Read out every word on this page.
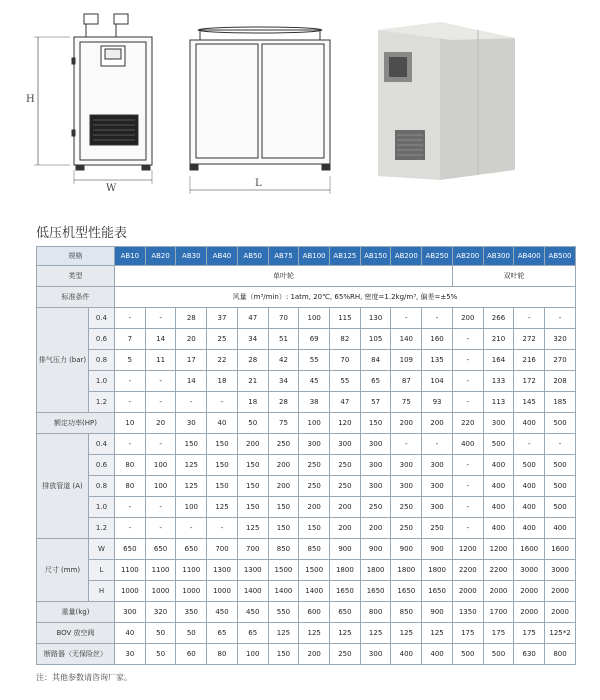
H
W	L
低压机型性能表
规格		AB10	AB20	AB30	AB40	AB50	AB75	AB100	AB125	AB150	AB200	AB250	AB200	AB300	AB400	AB500
类型		单叶轮											双叶轮			
标准条件		风量（m³/min）: 1atm, 20℃, 65%RH, 密度=1.2kg/m³, 偏差=±5%														
排气压力 (bar)	0.4	-	-	28	37	47	70	100	115	130	-	-	200	266	-	-
	0.6	7	14	20	25	34	51	69	82	105	140	160	-	210	272	320
	0.8	5	11	17	22	28	42	55	70	84	109	135	-	164	216	270
	1.0	-	-	14	18	21	34	45	55	65	87	104	-	133	172	208
	1.2	-	-	-	-	18	28	38	47	57	75	93	-	113	145	185
额定功率(HP)		10	20	30	40	50	75	100	120	150	200	200	220	300	400	500
排放管道 (A)	0.4	-	-	150	150	200	250	300	300	300	-	-	400	500	-	-
	0.6	80	100	125	150	150	200	250	250	300	300	300	-	400	500	500
	0.8	80	100	125	150	150	200	250	250	300	300	300	-	400	400	500
	1.0	-	-	100	125	150	150	200	200	250	250	300	-	400	400	500
	1.2	-	-	-	-	125	150	150	200	200	250	250	-	400	400	400
尺寸 (mm)	W	650	650	650	700	700	850	850	900	900	900	900	1200	1200	1600	1600
	L	1100	1100	1100	1300	1300	1500	1500	1800	1800	1800	1800	2200	2200	3000	3000
	H	1000	1000	1000	1000	1400	1400	1400	1650	1650	1650	1650	2000	2000	2000	2000
重量(kg)		300	320	350	450	450	550	600	650	800	850	900	1350	1700	2000	2000
BOV 放空阀		40	50	50	65	65	125	125	125	125	125	125	175	175	175	125*2
断路器（无保险丝）		30	50	60	80	100	150	200	250	300	400	400	500	500	630	800
注：其他参数请咨询厂家。
